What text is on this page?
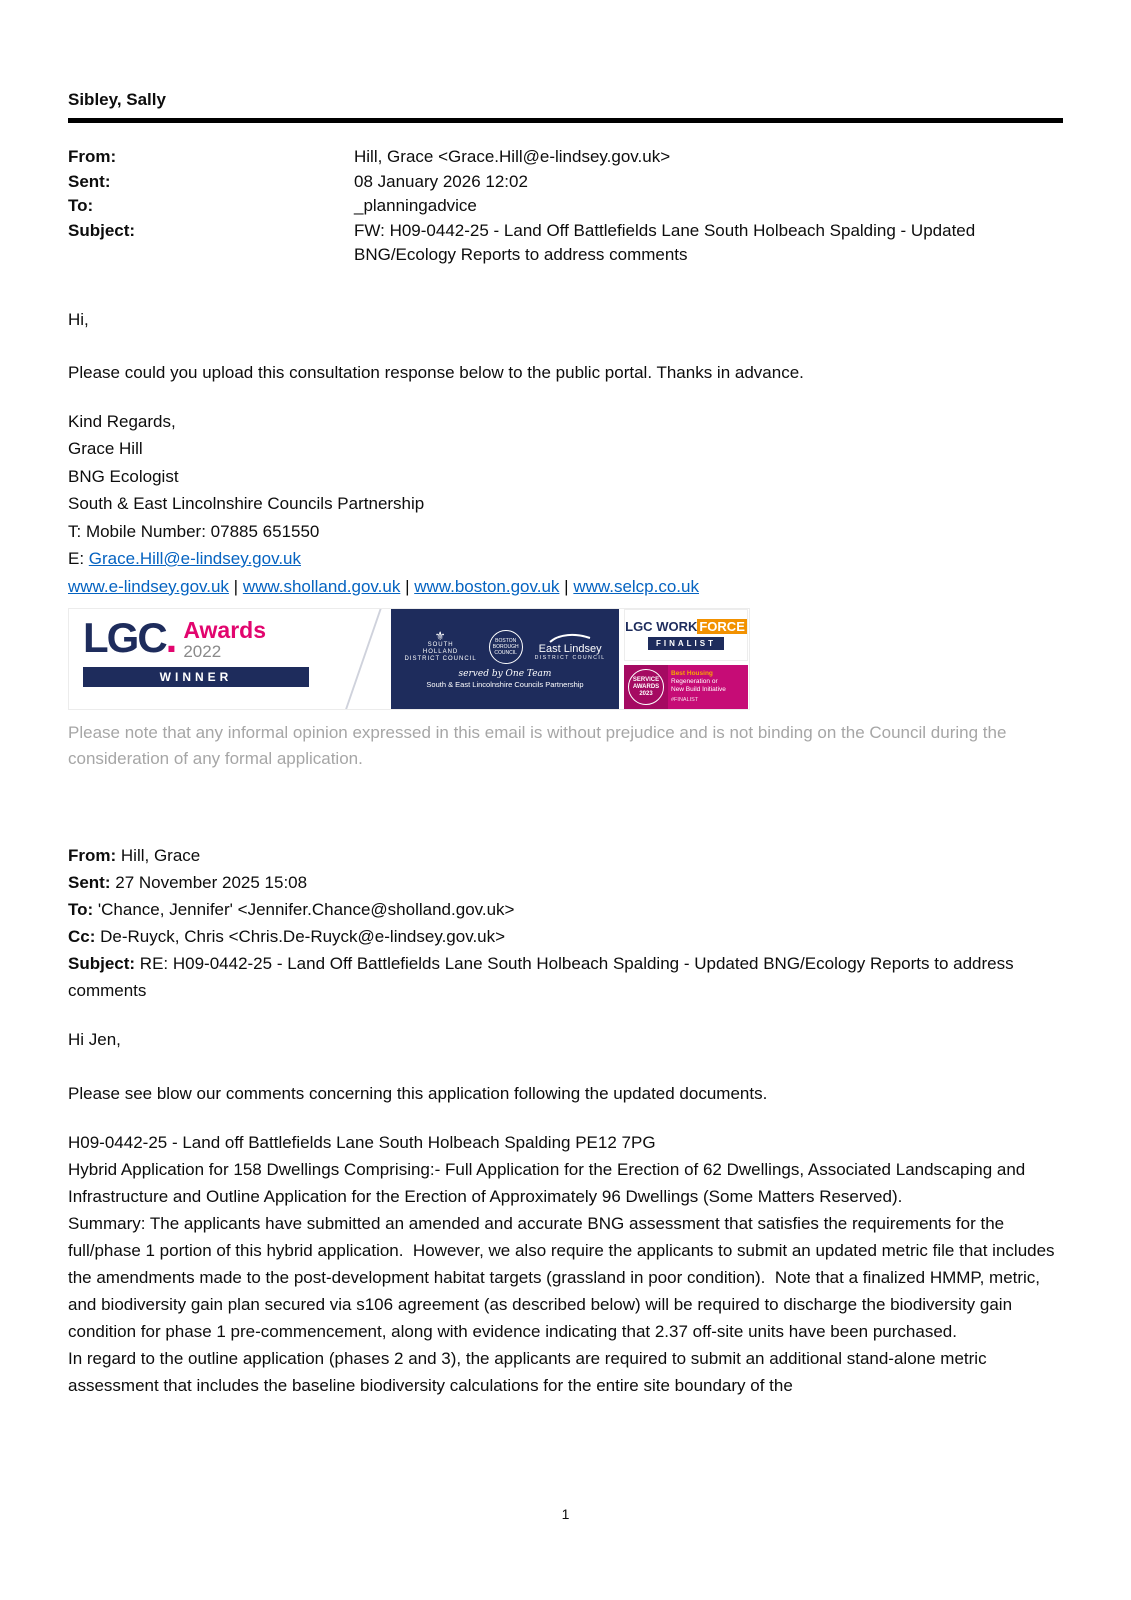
Sibley, Sally
From:	Hill, Grace <Grace.Hill@e-lindsey.gov.uk>
Sent:	08 January 2026 12:02
To:	_planningadvice
Subject:	FW: H09-0442-25 - Land Off Battlefields Lane South Holbeach Spalding - Updated BNG/Ecology Reports to address comments

Hi,

Please could you upload this consultation response below to the public portal. Thanks in advance.

Kind Regards,

Grace Hill
BNG Ecologist
South & East Lincolnshire Councils Partnership
T: Mobile Number: 07885 651550
E: Grace.Hill@e-lindsey.gov.uk
www.e-lindsey.gov.uk | www.sholland.gov.uk | www.boston.gov.uk | www.selcp.co.uk
LGC . Awards
2022
WINNER
⚜
SOUTH
HOLLAND
DISTRICT COUNCIL
BOSTON
BOROUGH COUNCIL	East Lindsey
DISTRICT COUNCIL
served by One Team
South & East Lincolnshire Councils Partnership
LGC WORK FORCE
FINALIST
SERVICE
AWARDS
2023
Best Housing
Regeneration or
New Build Initiative
#FINALIST

Please note that any informal opinion expressed in this email is without prejudice and is not binding on the Council during the consideration of any formal application.

From: Hill, Grace

Sent: 27 November 2025 15:08

To: 'Chance, Jennifer' <Jennifer.Chance@sholland.gov.uk>

Cc: De-Ruyck, Chris <Chris.De-Ruyck@e-lindsey.gov.uk>

Subject: RE: H09-0442-25 - Land Off Battlefields Lane South Holbeach Spalding - Updated BNG/Ecology Reports to address comments

Hi Jen,

Please see blow our comments concerning this application following the updated documents.

H09-0442-25 - Land off Battlefields Lane South Holbeach Spalding PE12 7PG

Hybrid Application for 158 Dwellings Comprising:- Full Application for the Erection of 62 Dwellings, Associated Landscaping and Infrastructure and Outline Application for the Erection of Approximately 96 Dwellings (Some Matters Reserved).

Summary: The applicants have submitted an amended and accurate BNG assessment that satisfies the requirements for the full/phase 1 portion of this hybrid application.  However, we also require the applicants to submit an updated metric file that includes the amendments made to the post-development habitat targets (grassland in poor condition).  Note that a finalized HMMP, metric, and biodiversity gain plan secured via s106 agreement (as described below) will be required to discharge the biodiversity gain condition for phase 1 pre-commencement, along with evidence indicating that 2.37 off-site units have been purchased.

In regard to the outline application (phases 2 and 3), the applicants are required to submit an additional stand-alone metric assessment that includes the baseline biodiversity calculations for the entire site boundary of the

1
